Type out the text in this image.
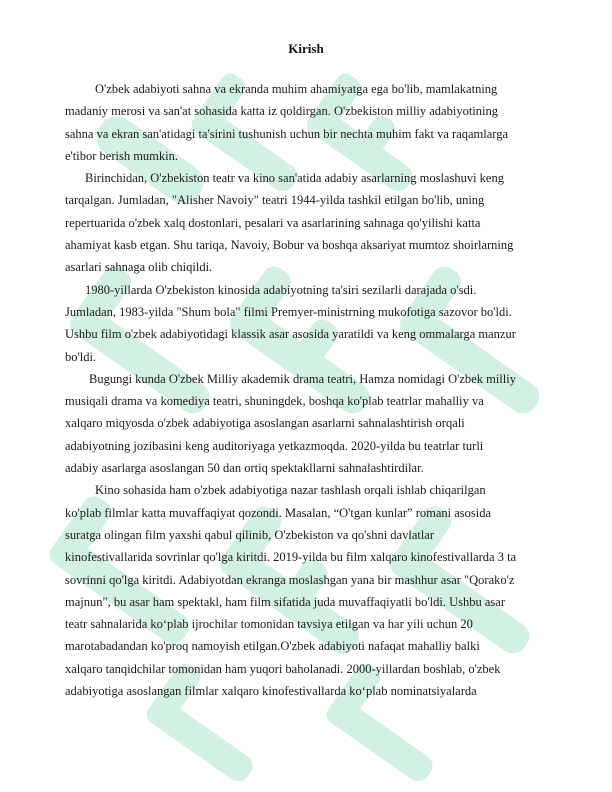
Kirish
O'zbek adabiyoti sahna va ekranda muhim ahamiyatga ega bo'lib, mamlakatning
madaniy merosi va san'at sohasida katta iz qoldirgan. O'zbekiston milliy adabiyotining
sahna va ekran san'atidagi ta'sirini tushunish uchun bir nechta muhim fakt va raqamlarga
e'tibor berish mumkin.
Birinchidan, O'zbekiston teatr va kino san'atida adabiy asarlarning moslashuvi keng
tarqalgan. Jumladan, "Alisher Navoiy" teatri 1944-yilda tashkil etilgan bo'lib, uning
repertuarida o'zbek xalq dostonlari, pesalari va asarlarining sahnaga qo'yilishi katta
ahamiyat kasb etgan. Shu tariqa, Navoiy, Bobur va boshqa aksariyat mumtoz shoirlarning
asarlari sahnaga olib chiqildi.
1980-yillarda O'zbekiston kinosida adabiyotning ta'siri sezilarli darajada o'sdi.
Jumladan, 1983-yilda "Shum bola" filmi Premyer-ministrning mukofotiga sazovor bo'ldi.
Ushbu film o'zbek adabiyotidagi klassik asar asosida yaratildi va keng ommalarga manzur
bo'ldi.
Bugungi kunda O'zbek Milliy akademik drama teatri, Hamza nomidagi O'zbek milliy
musiqali drama va komediya teatri, shuningdek, boshqa ko'plab teatrlar mahalliy va
xalqaro miqyosda o'zbek adabiyotiga asoslangan asarlarni sahnalashtirish orqali
adabiyotning jozibasini keng auditoriyaga yetkazmoqda. 2020-yilda bu teatrlar turli
adabiy asarlarga asoslangan 50 dan ortiq spektakllarni sahnalashtirdilar.
Kino sohasida ham o'zbek adabiyotiga nazar tashlash orqali ishlab chiqarilgan
ko'plab filmlar katta muvaffaqiyat qozondi. Masalan, “O'tgan kunlar” romani asosida
suratga olingan film yaxshi qabul qilinib, O'zbekiston va qo'shni davlatlar
kinofestivallarida sovrinlar qo'lga kiritdi. 2019-yilda bu film xalqaro kinofestivallarda 3 ta
sovrinni qo'lga kiritdi. Adabiyotdan ekranga moslashgan yana bir mashhur asar "Qorako'z
majnun", bu asar ham spektakl, ham film sifatida juda muvaffaqiyatli bo'ldi. Ushbu asar
teatr sahnalarida ko‘plab ijrochilar tomonidan tavsiya etilgan va har yili uchun 20
marotabadandan ko'proq namoyish etilgan.O'zbek adabiyoti nafaqat mahalliy balki
xalqaro tanqidchilar tomonidan ham yuqori baholanadi. 2000-yillardan boshlab, o'zbek
adabiyotiga asoslangan filmlar xalqaro kinofestivallarda ko‘plab nominatsiyalarda
